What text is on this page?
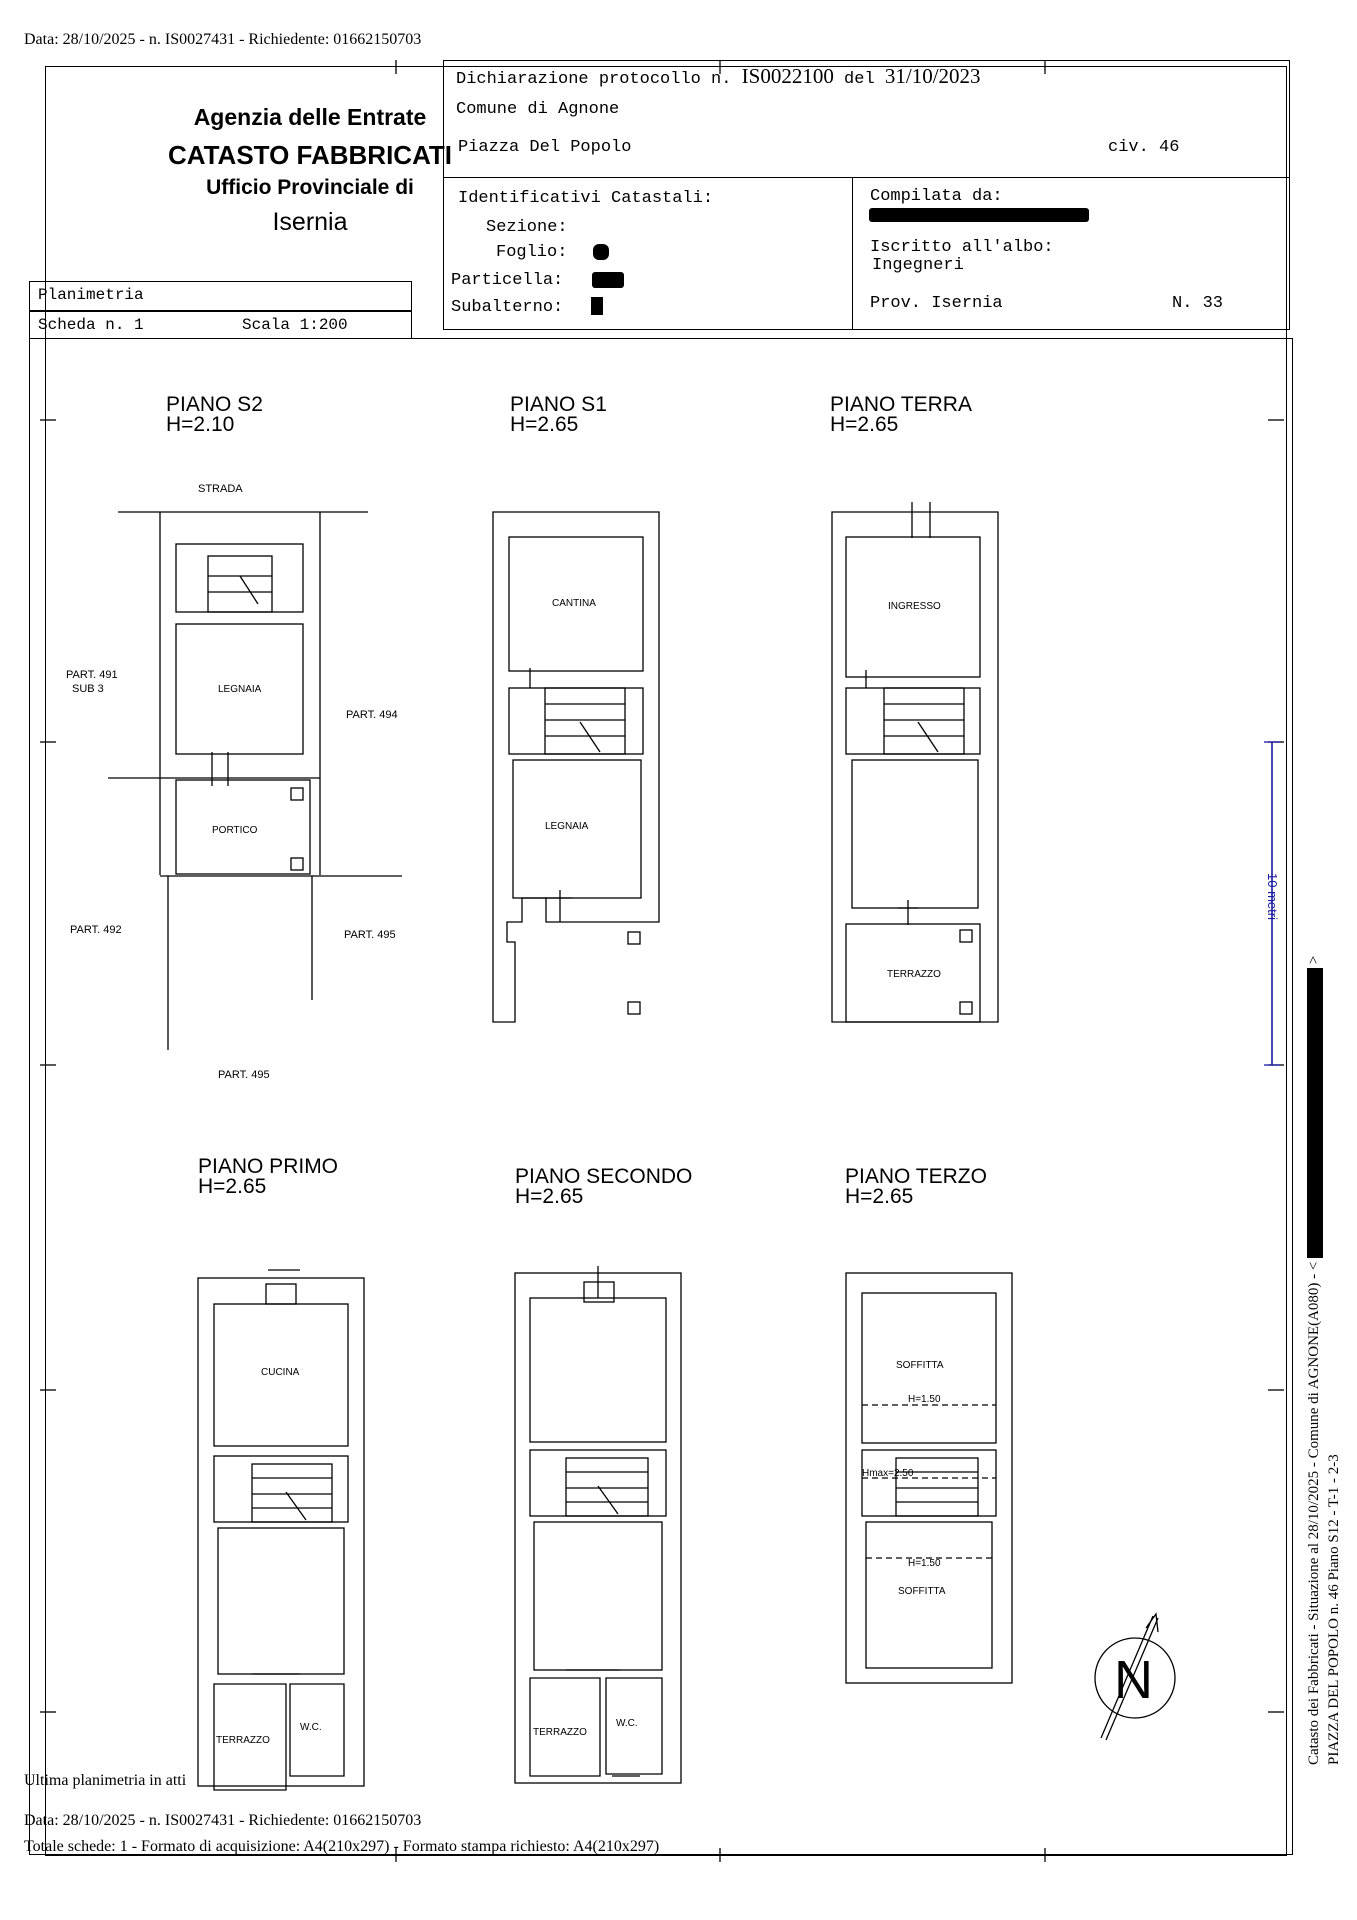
Data: 28/10/2025 - n. IS0027431 - Richiedente: 01662150703
Agenzia delle Entrate
CATASTO FABBRICATI
Ufficio Provinciale di
Isernia
Dichiarazione protocollo n. IS0022100 del 31/10/2023
Comune di Agnone
Piazza Del Popolo	civ. 46
Identificativi Catastali:
Sezione:
Foglio:
Particella:
Subalterno:
Compilata da:
Iscritto all'albo:
Ingegneri
Prov. Isernia	N. 33
Planimetria
Scheda n. 1	Scala 1:200
PIANO S2
H=2.10
PIANO S1
H=2.65
PIANO TERRA
H=2.65
PIANO PRIMO
H=2.65	PIANO SECONDO
H=2.65
PIANO TERZO
H=2.65
STRADA
PART. 491
SUB 3
PART. 494
PART. 492	PART. 495
PART. 495
LEGNAIA
PORTICO
CANTINA
LEGNAIA
INGRESSO
TERRAZZO
CUCINA
TERRAZZO
W.C.	TERRAZZO
W.C.
SOFFITTA
H=1.50
Hmax=2.50
H=1.50
SOFFITTA
10 metri
N	Catasto dei Fabbricati - Situazione al 28/10/2025 - Comune di AGNONE(A080) - <  >
PIAZZA DEL POPOLO n. 46 Piano S12 - T-1 - 2-3
Ultima planimetria in atti
Data: 28/10/2025 - n. IS0027431 - Richiedente: 01662150703
Totale schede: 1 - Formato di acquisizione: A4(210x297) - Formato stampa richiesto: A4(210x297)
